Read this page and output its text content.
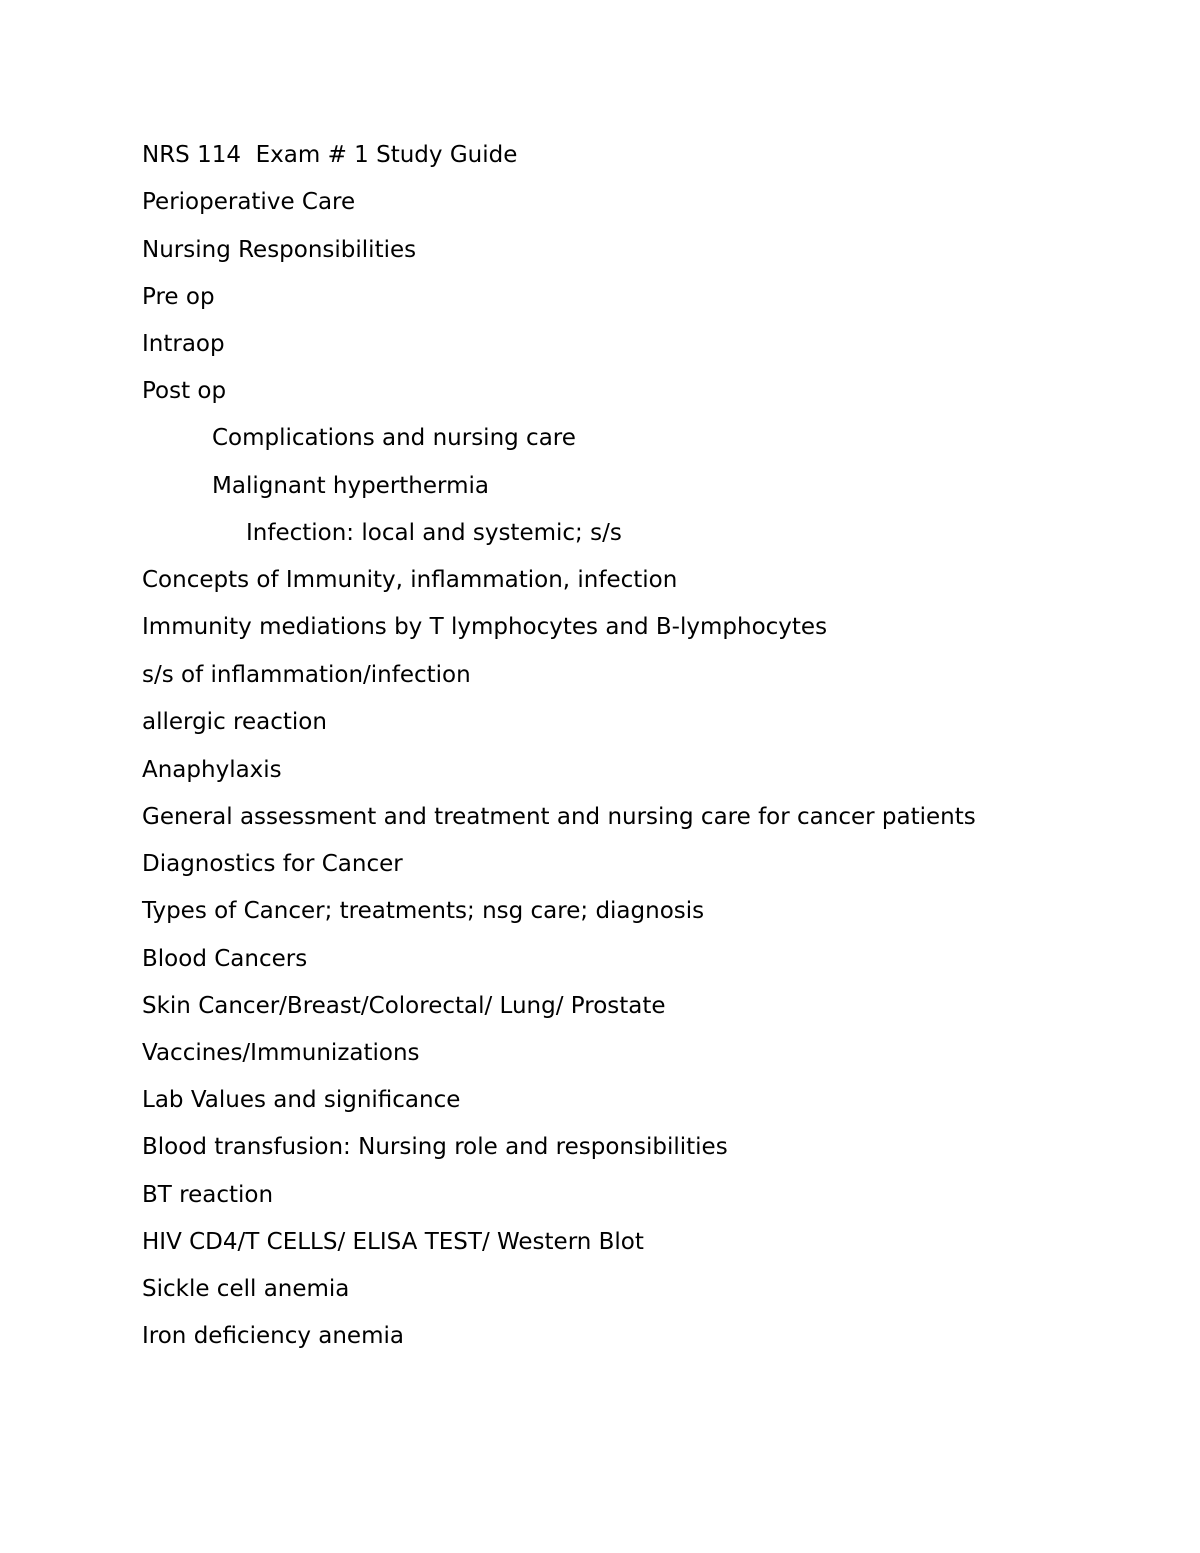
NRS 114  Exam # 1 Study Guide

Perioperative Care

Nursing Responsibilities

Pre op

Intraop

Post op

Complications and nursing care

Malignant hyperthermia

Infection: local and systemic; s/s

Concepts of Immunity, inflammation, infection

Immunity mediations by T lymphocytes and B-lymphocytes

s/s of inflammation/infection

allergic reaction

Anaphylaxis

General assessment and treatment and nursing care for cancer patients

Diagnostics for Cancer

Types of Cancer; treatments; nsg care; diagnosis

Blood Cancers

Skin Cancer/Breast/Colorectal/ Lung/ Prostate

Vaccines/Immunizations

Lab Values and significance

Blood transfusion: Nursing role and responsibilities

BT reaction

HIV CD4/T CELLS/ ELISA TEST/ Western Blot

Sickle cell anemia

Iron deficiency anemia
